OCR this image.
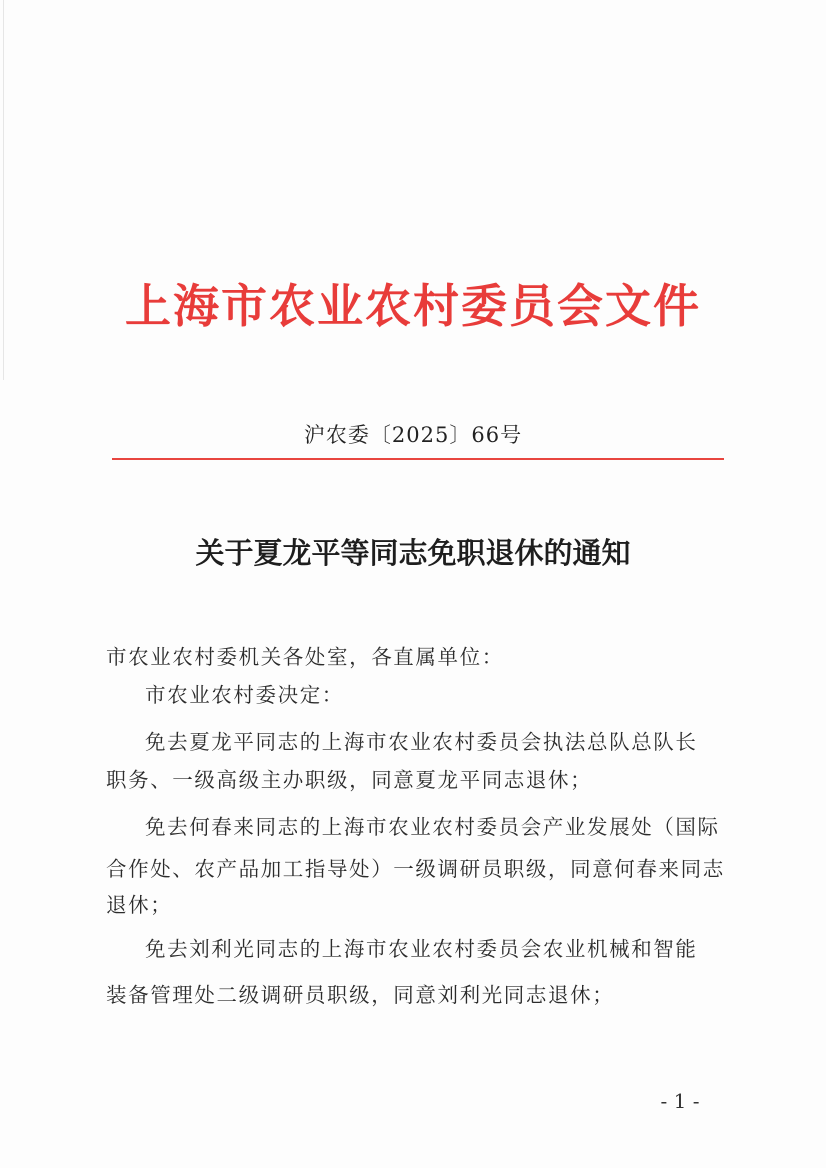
上海市农业农村委员会文件
沪农委〔2025〕66号
关于夏龙平等同志免职退休的通知
市农业农村委机关各处室，各直属单位：
市农业农村委决定：
免去夏龙平同志的上海市农业农村委员会执法总队总队长
职务、一级高级主办职级，同意夏龙平同志退休；
免去何春来同志的上海市农业农村委员会产业发展处（国际
合作处、农产品加工指导处）一级调研员职级，同意何春来同志
退休；
免去刘利光同志的上海市农业农村委员会农业机械和智能
装备管理处二级调研员职级，同意刘利光同志退休；
- 1 -
